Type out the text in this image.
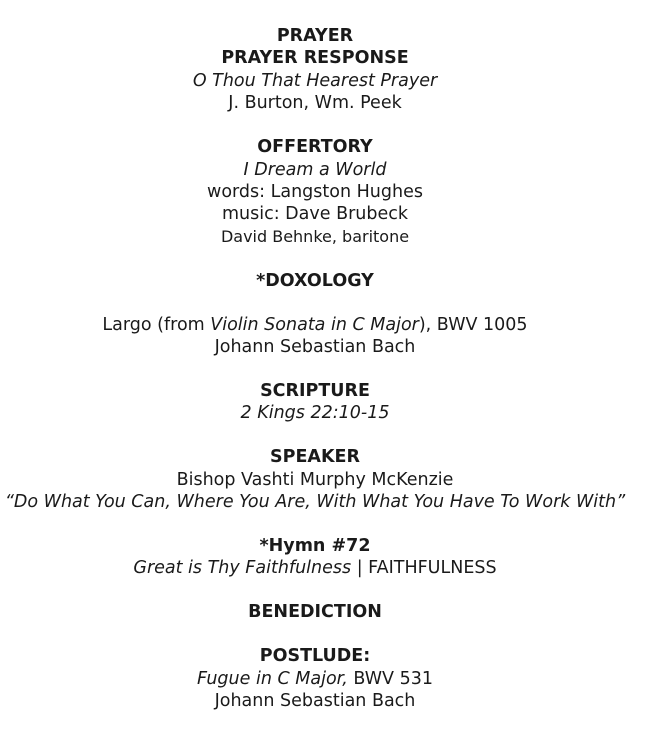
PRAYER
PRAYER RESPONSE
O Thou That Hearest Prayer
J. Burton, Wm. Peek
OFFERTORY
I Dream a World
words: Langston Hughes
music: Dave Brubeck
David Behnke, baritone
*DOXOLOGY
Largo (from Violin Sonata in C Major), BWV 1005
Johann Sebastian Bach
SCRIPTURE
2 Kings 22:10-15
SPEAKER
Bishop Vashti Murphy McKenzie
“Do What You Can, Where You Are, With What You Have To Work With”
*Hymn #72
Great is Thy Faithfulness | FAITHFULNESS
BENEDICTION
POSTLUDE:
Fugue in C Major, BWV 531
Johann Sebastian Bach
